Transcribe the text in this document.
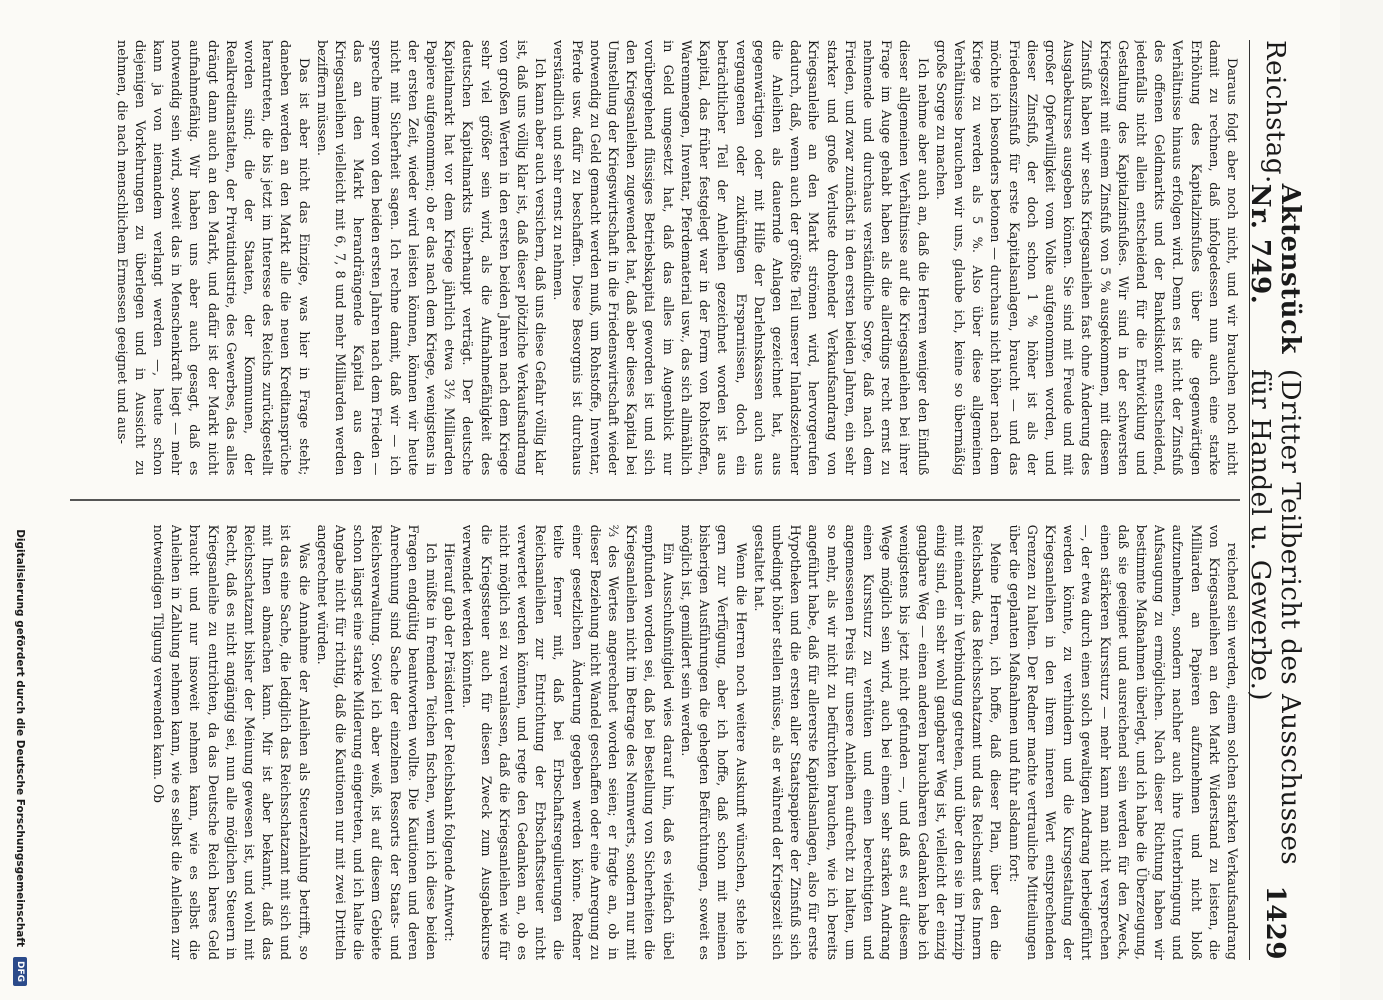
Reichstag.
Aktenstück Nr. 749.
(Dritter Teilbericht des Ausschusses für Handel u. Gewerbe.)
1429

Daraus folgt aber noch nicht, und wir brauchen noch nicht damit zu rechnen, daß infolgedessen nun auch eine starke Erhöhung des Kapitalzinsfußes über die gegenwärtigen Verhältnisse hinaus erfolgen wird. Denn es ist nicht der Zinsfuß des offenen Geldmarkts und der Bankdiskont entscheidend, jedenfalls nicht allein entscheidend für die Entwicklung und Gestaltung des Kapitalzinsfußes. Wir sind in der schwersten Kriegszeit mit einem Zinsfuß von 5 % ausgekommen, mit diesem Zinsfuß haben wir sechs Kriegsanleihen fast ohne Änderung des Ausgabekurses ausgeben können. Sie sind mit Freude und mit großer Opferwilligkeit vom Volke aufgenommen worden, und dieser Zinsfuß, der doch schon 1 % höher ist als der Friedenszinsfuß für erste Kapitalsanlagen, braucht — und das möchte ich besonders betonen — durchaus nicht höher nach dem Kriege zu werden als 5 %. Also über diese allgemeinen Verhältnisse brauchen wir uns, glaube ich, keine so übermäßig große Sorge zu machen.

Ich nehme aber auch an, daß die Herren weniger den Einfluß dieser allgemeinen Verhältnisse auf die Kriegsanleihen bei ihrer Frage im Auge gehabt haben als die allerdings recht ernst zu nehmende und durchaus verständliche Sorge, daß nach dem Frieden, und zwar zunächst in den ersten beiden Jahren, ein sehr starker und große Verluste drohender Verkaufsandrang von Kriegsanleihe an den Markt strömen wird, hervorgerufen dadurch, daß, wenn auch der größte Teil unserer Inlandszeichner die Anleihen als dauernde Anlagen gezeichnet hat, aus gegenwärtigen oder mit Hilfe der Darlehnskassen auch aus vergangenen oder zukünftigen Ersparnissen, doch ein beträchtlicher Teil der Anleihen gezeichnet worden ist aus Kapital, das früher festgelegt war in der Form von Rohstoffen, Warenmengen, Inventar, Pferdematerial usw., das sich allmählich in Geld umgesetzt hat, daß das alles im Augenblick nur vorübergehend flüssiges Betriebskapital geworden ist und sich den Kriegsanleihen zugewendet hat, daß aber dieses Kapital bei Umstellung der Kriegswirtschaft in die Friedenswirtschaft wieder notwendig zu Geld gemacht werden muß, um Rohstoffe, Inventar, Pferde usw. dafür zu beschaffen. Diese Besorgnis ist durchaus verständlich und sehr ernst zu nehmen.

Ich kann aber auch versichern, daß uns diese Gefahr völlig klar ist, daß uns völlig klar ist, daß dieser plötzliche Verkaufsandrang von großen Werten in den ersten beiden Jahren nach dem Kriege sehr viel größer sein wird, als die Aufnahmefähigkeit des deutschen Kapitalmarkts überhaupt verträgt. Der deutsche Kapitalmarkt hat vor dem Kriege jährlich etwa 3½ Milliarden Papiere aufgenommen; ob er das nach dem Kriege, wenigstens in der ersten Zeit, wieder wird leisten können, können wir heute nicht mit Sicherheit sagen. Ich rechne damit, daß wir — ich spreche immer von den beiden ersten Jahren nach dem Frieden — das an den Markt herandrängende Kapital aus den Kriegsanleihen vielleicht mit 6, 7, 8 und mehr Milliarden werden beziffern müssen.

Das ist aber nicht das Einzige, was hier in Frage steht; daneben werden an den Markt alle die neuen Kreditansprüche herantreten, die bis jetzt im Interesse des Reichs zurückgestellt worden sind; die der Staaten, der Kommunen, der Realkreditanstalten, der Privatindustrie, des Gewerbes, das alles drängt dann auch an den Markt, und dafür ist der Markt nicht aufnahmefähig. Wir haben uns aber auch gesagt, daß es notwendig sein wird, soweit das in Menschenkraft liegt — mehr kann ja von niemandem verlangt werden —, heute schon diejenigen Vorkehrungen zu überlegen und in Aussicht zu nehmen, die nach menschlichem Ermessen geeignet und aus-

reichend sein werden, einem solchen starken Verkaufsandrang von Kriegsanleihen an den Markt Widerstand zu leisten, die Milliarden an Papieren aufzunehmen und nicht bloß aufzunehmen, sondern nachher auch ihre Unterbringung und Aufsaugung zu ermöglichen. Nach dieser Richtung haben wir bestimmte Maßnahmen überlegt, und ich habe die Überzeugung, daß sie geeignet und ausreichend sein werden für den Zweck, einen stärkeren Kurssturz — mehr kann man nicht versprechen —, der etwa durch einen solch gewaltigen Andrang herbeigeführt werden könnte, zu verhindern und die Kursgestaltung der Kriegsanleihen in den ihrem inneren Wert entsprechenden Grenzen zu halten. Der Redner machte vertrauliche Mitteilungen über die geplanten Maßnahmen und fuhr alsdann fort:

Meine Herren, ich hoffe, daß dieser Plan, über den die Reichsbank, das Reichsschatzamt und das Reichsamt des Innern mit einander in Verbindung getreten, und über den sie im Prinzip einig sind, ein sehr wohl gangbarer Weg ist, vielleicht der einzig gangbare Weg — einen anderen brauchbaren Gedanken habe ich wenigstens bis jetzt nicht gefunden —, und daß es auf diesem Wege möglich sein wird, auch bei einem sehr starken Andrang einen Kurssturz zu verhüten und einen berechtigten und angemessenen Preis für unsere Anleihen aufrecht zu halten, um so mehr, als wir nicht zu befürchten brauchen, wie ich bereits angeführt habe, daß für allererste Kapitalsanlagen, also für erste Hypotheken und die ersten aller Staatspapiere der Zinsfuß sich unbedingt höher stellen müsse, als er während der Kriegszeit sich gestaltet hat.

Wenn die Herren noch weitere Auskunft wünschen, stehe ich gern zur Verfügung, aber ich hoffe, daß schon mit meinen bisherigen Ausführungen die gehegten Befürchtungen, soweit es möglich ist, gemildert sein werden.

Ein Ausschußmitglied wies darauf hin, daß es vielfach übel empfunden worden sei, daß bei Bestellung von Sicherheiten die Kriegsanleihen nicht im Betrage des Nennwerts, sondern nur mit ⅔ des Wertes angerechnet worden seien; er fragte an, ob in dieser Beziehung nicht Wandel geschaffen oder eine Anregung zu einer gesetzlichen Änderung gegeben werden könne. Redner teilte ferner mit, daß bei Erbschaftsregulierungen die Reichsanleihen zur Entrichtung der Erbschaftssteuer nicht verwertet werden könnten, und regte den Gedanken an, ob es nicht möglich sei zu veranlassen, daß die Kriegsanleihen wie für die Kriegssteuer auch für diesen Zweck zum Ausgabekurse verwendet werden könnten.

Hierauf gab der Präsident der Reichsbank folgende Antwort:

Ich müßte in fremden Teichen fischen, wenn ich diese beiden Fragen endgültig beantworten wollte. Die Kautionen und deren Anrechnung sind Sache der einzelnen Ressorts der Staats- und Reichsverwaltung. Soviel ich aber weiß, ist auf diesem Gebiete schon längst eine starke Milderung eingetreten, und ich halte die Angabe nicht für richtig, daß die Kautionen nur mit zwei Dritteln angerechnet würden.

Was die Annahme der Anleihen als Steuerzahlung betrifft, so ist das eine Sache, die lediglich das Reichsschatzamt mit sich und mit Ihnen abmachen kann. Mir ist aber bekannt, daß das Reichsschatzamt bisher der Meinung gewesen ist, und wohl mit Recht, daß es nicht angängig sei, nun alle möglichen Steuern in Kriegsanleihe zu entrichten, da das Deutsche Reich bares Geld braucht und nur insoweit nehmen kann, wie es selbst die Anleihen in Zahlung nehmen kann, wie es selbst die Anleihen zur notwendigen Tilgung verwenden kann. Ob

Digitalisierung gefördert durch die Deutsche Forschungsgemeinschaft
DFG
